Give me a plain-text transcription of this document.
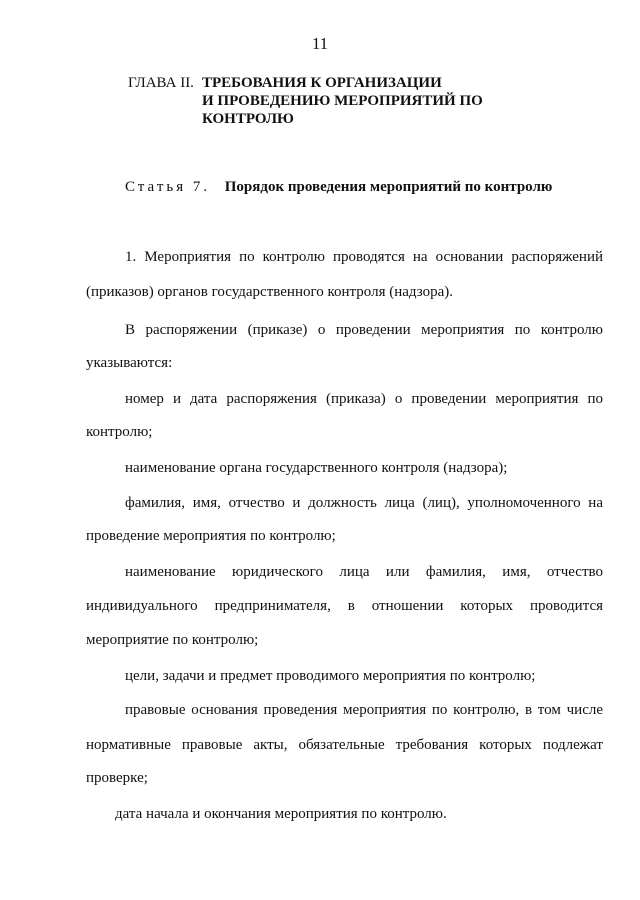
11
ГЛАВА II. ТРЕБОВАНИЯ К ОРГАНИЗАЦИИ
И ПРОВЕДЕНИЮ МЕРОПРИЯТИЙ ПО
КОНТРОЛЮ
Статья 7. Порядок проведения мероприятий по контролю
1. Мероприятия по контролю проводятся на основании распоряжений
(приказов) органов государственного контроля (надзора).
В распоряжении (приказе) о проведении мероприятия по контролю
указываются:
номер и дата распоряжения (приказа) о проведении мероприятия по
контролю;
наименование органа государственного контроля (надзора);
фамилия, имя, отчество и должность лица (лиц), уполномоченного на
проведение мероприятия по контролю;
наименование юридического лица или фамилия, имя, отчество
индивидуального предпринимателя, в отношении которых проводится
мероприятие по контролю;
цели, задачи и предмет проводимого мероприятия по контролю;
правовые основания проведения мероприятия по контролю, в том числе
нормативные правовые акты, обязательные требования которых подлежат
проверке;
дата начала и окончания мероприятия по контролю.
